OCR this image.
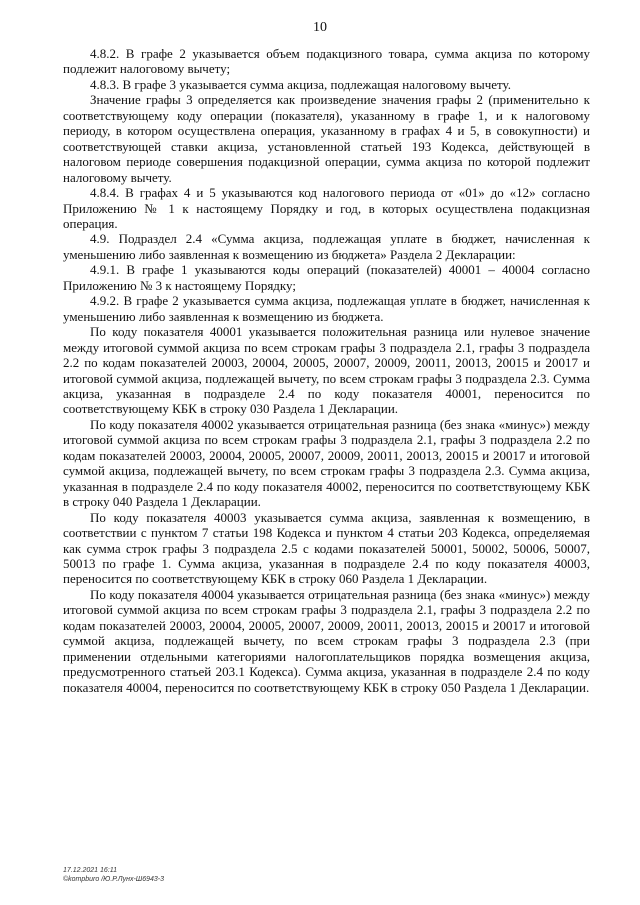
10

4.8.2. В графе 2 указывается объем подакцизного товара, сумма акциза по которому подлежит налоговому вычету;

4.8.3. В графе 3 указывается сумма акциза, подлежащая налоговому вычету.

Значение графы 3 определяется как произведение значения графы 2 (применительно к соответствующему коду операции (показателя), указанному в графе 1, и к налоговому периоду, в котором осуществлена операция, указанному в графах 4 и 5, в совокупности) и соответствующей ставки акциза, установленной статьей 193 Кодекса, действующей в налоговом периоде совершения подакцизной операции, сумма акциза по которой подлежит налоговому вычету.

4.8.4. В графах 4 и 5 указываются код налогового периода от «01» до «12» согласно Приложению № 1 к настоящему Порядку и год, в которых осуществлена подакцизная операция.

4.9. Подраздел 2.4 «Сумма акциза, подлежащая уплате в бюджет, начисленная к уменьшению либо заявленная к возмещению из бюджета» Раздела 2 Декларации:

4.9.1. В графе 1 указываются коды операций (показателей) 40001 – 40004 согласно Приложению № 3 к настоящему Порядку;

4.9.2. В графе 2 указывается сумма акциза, подлежащая уплате в бюджет, начисленная к уменьшению либо заявленная к возмещению из бюджета.

По коду показателя 40001 указывается положительная разница или нулевое значение между итоговой суммой акциза по всем строкам графы 3 подраздела 2.1, графы 3 подраздела 2.2 по кодам показателей 20003, 20004, 20005, 20007, 20009, 20011, 20013, 20015 и 20017 и итоговой суммой акциза, подлежащей вычету, по всем строкам графы 3 подраздела 2.3. Сумма акциза, указанная в подразделе 2.4 по коду показателя 40001, переносится по соответствующему КБК в строку 030 Раздела 1 Декларации.

По коду показателя 40002 указывается отрицательная разница (без знака «минус») между итоговой суммой акциза по всем строкам графы 3 подраздела 2.1, графы 3 подраздела 2.2 по кодам показателей 20003, 20004, 20005, 20007, 20009, 20011, 20013, 20015 и 20017 и итоговой суммой акциза, подлежащей вычету, по всем строкам графы 3 подраздела 2.3. Сумма акциза, указанная в подразделе 2.4 по коду показателя 40002, переносится по соответствующему КБК в строку 040 Раздела 1 Декларации.

По коду показателя 40003 указывается сумма акциза, заявленная к возмещению, в соответствии с пунктом 7 статьи 198 Кодекса и пунктом 4 статьи 203 Кодекса, определяемая как сумма строк графы 3 подраздела 2.5 с кодами показателей 50001, 50002, 50006, 50007, 50013 по графе 1. Сумма акциза, указанная в подразделе 2.4 по коду показателя 40003, переносится по соответствующему КБК в строку 060 Раздела 1 Декларации.

По коду показателя 40004 указывается отрицательная разница (без знака «минус») между итоговой суммой акциза по всем строкам графы 3 подраздела 2.1, графы 3 подраздела 2.2 по кодам показателей 20003, 20004, 20005, 20007, 20009, 20011, 20013, 20015 и 20017 и итоговой суммой акциза, подлежащей вычету, по всем строкам графы 3 подраздела 2.3 (при применении отдельными категориями налогоплательщиков порядка возмещения акциза, предусмотренного статьей 203.1 Кодекса). Сумма акциза, указанная в подразделе 2.4 по коду показателя 40004, переносится по соответствующему КБК в строку 050 Раздела 1 Декларации.

17.12.2021 16:11
©kompburo /Ю.Р.Лунх-Ш6943-3
